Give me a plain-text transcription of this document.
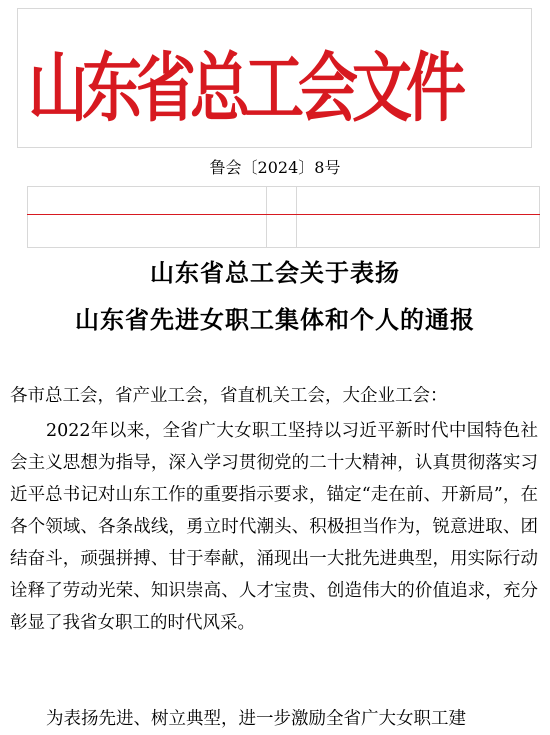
山东省总工会文件
鲁会〔2024〕8号
山东省总工会关于表扬
山东省先进女职工集体和个人的通报
各市总工会，省产业工会，省直机关工会，大企业工会：
2022年以来，全省广大女职工坚持以习近平新时代中国特色社会主义思想为指导，深入学习贯彻党的二十大精神，认真贯彻落实习近平总书记对山东工作的重要指示要求，锚定“走在前、开新局”，在各个领域、各条战线，勇立时代潮头、积极担当作为，锐意进取、团结奋斗，顽强拼搏、甘于奉献，涌现出一大批先进典型，用实际行动诠释了劳动光荣、知识崇高、人才宝贵、创造伟大的价值追求，充分彰显了我省女职工的时代风采。
为表扬先进、树立典型，进一步激励全省广大女职工建
